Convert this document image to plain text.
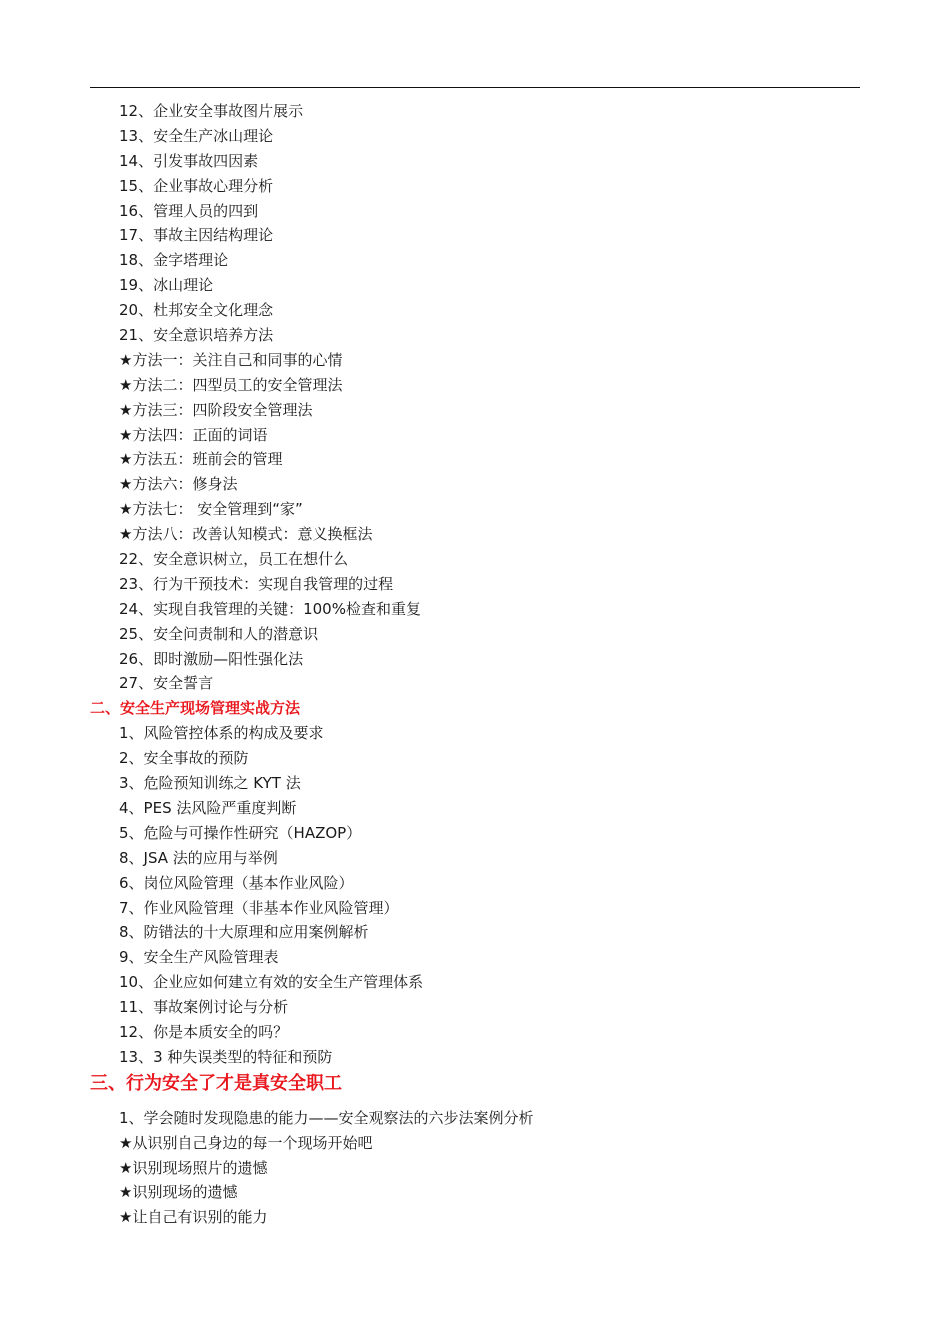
12、企业安全事故图片展示
13、安全生产冰山理论
14、引发事故四因素
15、企业事故心理分析
16、管理人员的四到
17、事故主因结构理论
18、金字塔理论
19、冰山理论
20、杜邦安全文化理念
21、安全意识培养方法
★方法一：关注自己和同事的心情
★方法二：四型员工的安全管理法
★方法三：四阶段安全管理法
★方法四：正面的词语
★方法五：班前会的管理
★方法六：修身法
★方法七： 安全管理到“家”
★方法八：改善认知模式：意义换框法
22、安全意识树立，员工在想什么
23、行为干预技术：实现自我管理的过程
24、实现自我管理的关键：100%检查和重复
25、安全问责制和人的潜意识
26、即时激励—阳性强化法
27、安全誓言
二、安全生产现场管理实战方法
1、风险管控体系的构成及要求
2、安全事故的预防
3、危险预知训练之 KYT 法
4、PES 法风险严重度判断
5、危险与可操作性研究（HAZOP）
8、JSA 法的应用与举例
6、岗位风险管理（基本作业风险）
7、作业风险管理（非基本作业风险管理）
8、防错法的十大原理和应用案例解析
9、安全生产风险管理表
10、企业应如何建立有效的安全生产管理体系
11、事故案例讨论与分析
12、你是本质安全的吗？
13、3 种失误类型的特征和预防
三、行为安全了才是真安全职工
1、学会随时发现隐患的能力——安全观察法的六步法案例分析
★从识别自己身边的每一个现场开始吧
★识别现场照片的遗憾
★识别现场的遗憾
★让自己有识别的能力
